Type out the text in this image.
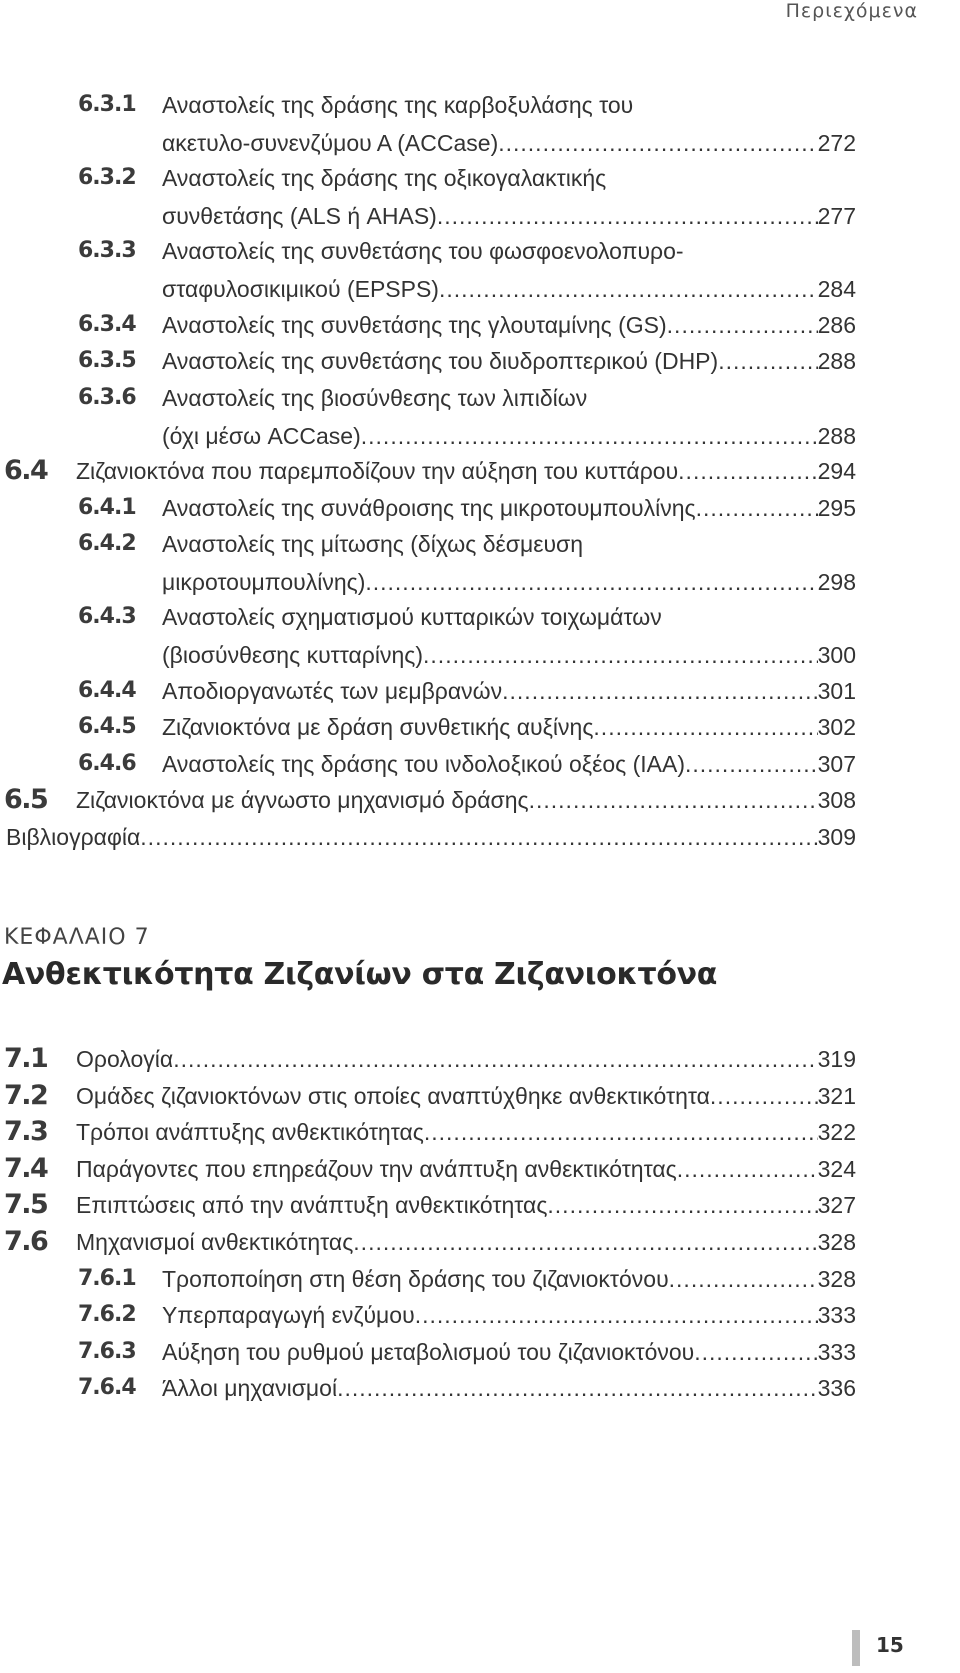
Περιεχόμενα
6.3.1 Αναστολείς της δράσης της καρβοξυλάσης του
ακετυλο-συνενζύμου Α (ACCase) .....	272
6.3.2 Αναστολείς της δράσης της οξικογαλακτικής
συνθετάσης (ALS ή AHAS) .....	277
6.3.3 Αναστολείς της συνθετάσης του φωσφοενολοπυρο-
σταφυλοσικιμικού (EPSPS) .....	284
6.3.4 Αναστολείς της συνθετάσης της γλουταμίνης (GS) .....	286
6.3.5 Αναστολείς της συνθετάσης του διυδροπτερικού (DHP) .....	288
6.3.6 Αναστολείς της βιοσύνθεσης των λιπιδίων
(όχι μέσω ACCase) .....	288
6.4 Ζιζανιοκτόνα που παρεμποδίζουν την αύξηση του κυττάρου .....	294
6.4.1 Αναστολείς της συνάθροισης της μικροτουμπουλίνης .....	295
6.4.2 Αναστολείς της μίτωσης (δίχως δέσμευση
μικροτουμπουλίνης) .....	298
6.4.3 Αναστολείς σχηματισμού κυτταρικών τοιχωμάτων
(βιοσύνθεσης κυτταρίνης) .....	300
6.4.4 Αποδιοργανωτές των μεμβρανών .....	301
6.4.5 Ζιζανιοκτόνα με δράση συνθετικής αυξίνης .....	302
6.4.6 Αναστολείς της δράσης του ινδολοξικού οξέος (IAA) .....	307
6.5 Ζιζανιοκτόνα με άγνωστο μηχανισμό δράσης .....	308
Βιβλιογραφία .....	309
7.1 Ορολογία .....	319
7.2 Ομάδες ζιζανιοκτόνων στις οποίες αναπτύχθηκε ανθεκτικότητα .....	321
7.3 Τρόποι ανάπτυξης ανθεκτικότητας .....	322
7.4 Παράγοντες που επηρεάζουν την ανάπτυξη ανθεκτικότητας .....	324
7.5 Επιπτώσεις από την ανάπτυξη ανθεκτικότητας .....	327
7.6 Μηχανισμοί ανθεκτικότητας .....	328
7.6.1 Τροποποίηση στη θέση δράσης του ζιζανιοκτόνου .....	328
7.6.2 Υπερπαραγωγή ενζύμου .....	333
7.6.3 Αύξηση του ρυθμού μεταβολισμού του ζιζανιοκτόνου .....	333
7.6.4 Άλλοι μηχανισμοί .....	336
ΚΕΦΑΛΑΙΟ 7
Ανθεκτικότητα Ζιζανίων στα Ζιζανιοκτόνα
15
